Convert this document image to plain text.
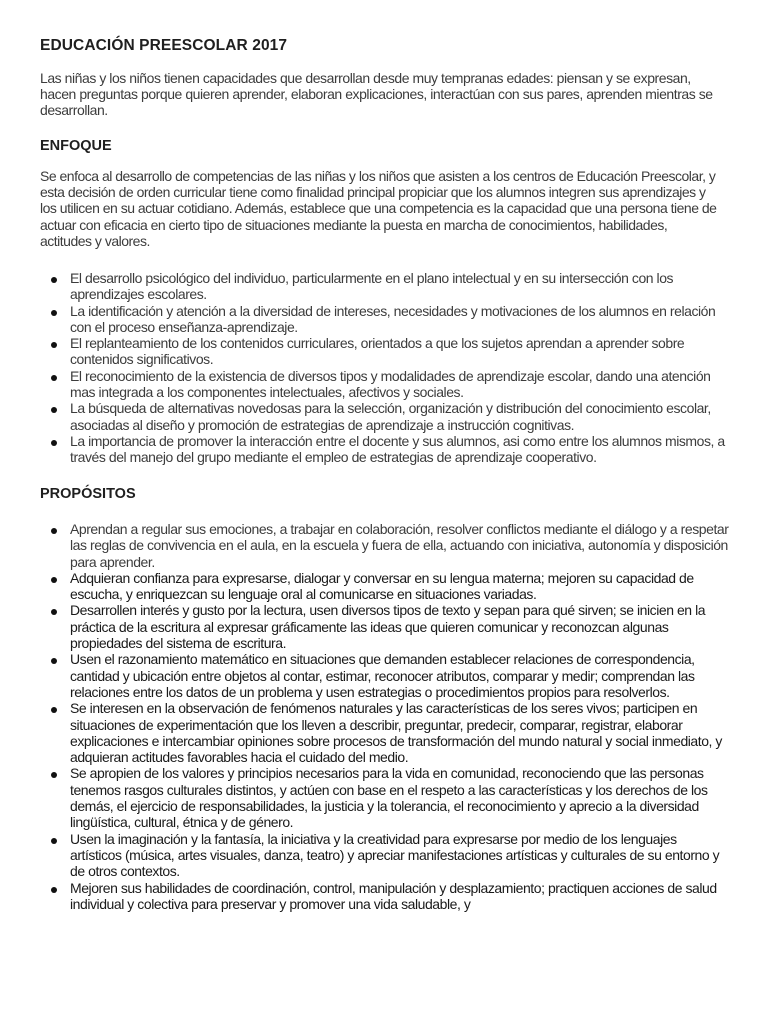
EDUCACIÓN PREESCOLAR 2017

Las niñas y los niños tienen capacidades que desarrollan desde muy tempranas edades: piensan y se expresan, hacen preguntas porque quieren aprender, elaboran explicaciones, interactúan con sus pares, aprenden mientras se desarrollan.

ENFOQUE

Se enfoca al desarrollo de competencias de las niñas y los niños que asisten a los centros de Educación Preescolar, y esta decisión de orden curricular tiene como finalidad principal propiciar que los alumnos integren sus aprendizajes y los utilicen en su actuar cotidiano. Además, establece que una competencia es la capacidad que una persona tiene de actuar con eficacia en cierto tipo de situaciones mediante la puesta en marcha de conocimientos, habilidades, actitudes y valores.

El desarrollo psicológico del individuo, particularmente en el plano intelectual y en su intersección con los aprendizajes escolares.
La identificación y atención a la diversidad de intereses, necesidades y motivaciones de los alumnos en relación con el proceso enseñanza-aprendizaje.
El replanteamiento de los contenidos curriculares, orientados a que los sujetos aprendan a aprender sobre contenidos significativos.
El reconocimiento de la existencia de diversos tipos y modalidades de aprendizaje escolar, dando una atención mas integrada a los componentes intelectuales, afectivos y sociales.
La búsqueda de alternativas novedosas para la selección, organización y distribución del conocimiento escolar, asociadas al diseño y promoción de estrategias de aprendizaje a instrucción cognitivas.
La importancia de promover la interacción entre el docente y sus alumnos, asi como entre los alumnos mismos, a través del manejo del grupo mediante el empleo de estrategias de aprendizaje cooperativo.
PROPÓSITOS
Aprendan a regular sus emociones, a trabajar en colaboración, resolver conflictos mediante el diálogo y a respetar las reglas de convivencia en el aula, en la escuela y fuera de ella, actuando con iniciativa, autonomía y disposición para aprender.
Adquieran confianza para expresarse, dialogar y conversar en su lengua materna; mejoren su capacidad de escucha, y enriquezcan su lenguaje oral al comunicarse en situaciones variadas.
Desarrollen interés y gusto por la lectura, usen diversos tipos de texto y sepan para qué sirven; se inicien en la práctica de la escritura al expresar gráficamente las ideas que quieren comunicar y reconozcan algunas propiedades del sistema de escritura.
Usen el razonamiento matemático en situaciones que demanden establecer relaciones de correspondencia, cantidad y ubicación entre objetos al contar, estimar, reconocer atributos, comparar y medir; comprendan las relaciones entre los datos de un problema y usen estrategias o procedimientos propios para resolverlos.
Se interesen en la observación de fenómenos naturales y las características de los seres vivos; participen en situaciones de experimentación que los lleven a describir, preguntar, predecir, comparar, registrar, elaborar explicaciones e intercambiar opiniones sobre procesos de transformación del mundo natural y social inmediato, y adquieran actitudes favorables hacia el cuidado del medio.
Se apropien de los valores y principios necesarios para la vida en comunidad, reconociendo que las personas tenemos rasgos culturales distintos, y actúen con base en el respeto a las características y los derechos de los demás, el ejercicio de responsabilidades, la justicia y la tolerancia, el reconocimiento y aprecio a la diversidad lingüística, cultural, étnica y de género.
Usen la imaginación y la fantasía, la iniciativa y la creatividad para expresarse por medio de los lenguajes artísticos (música, artes visuales, danza, teatro) y apreciar manifestaciones artísticas y culturales de su entorno y de otros contextos.
Mejoren sus habilidades de coordinación, control, manipulación y desplazamiento; practiquen acciones de salud individual y colectiva para preservar y promover una vida saludable, y
